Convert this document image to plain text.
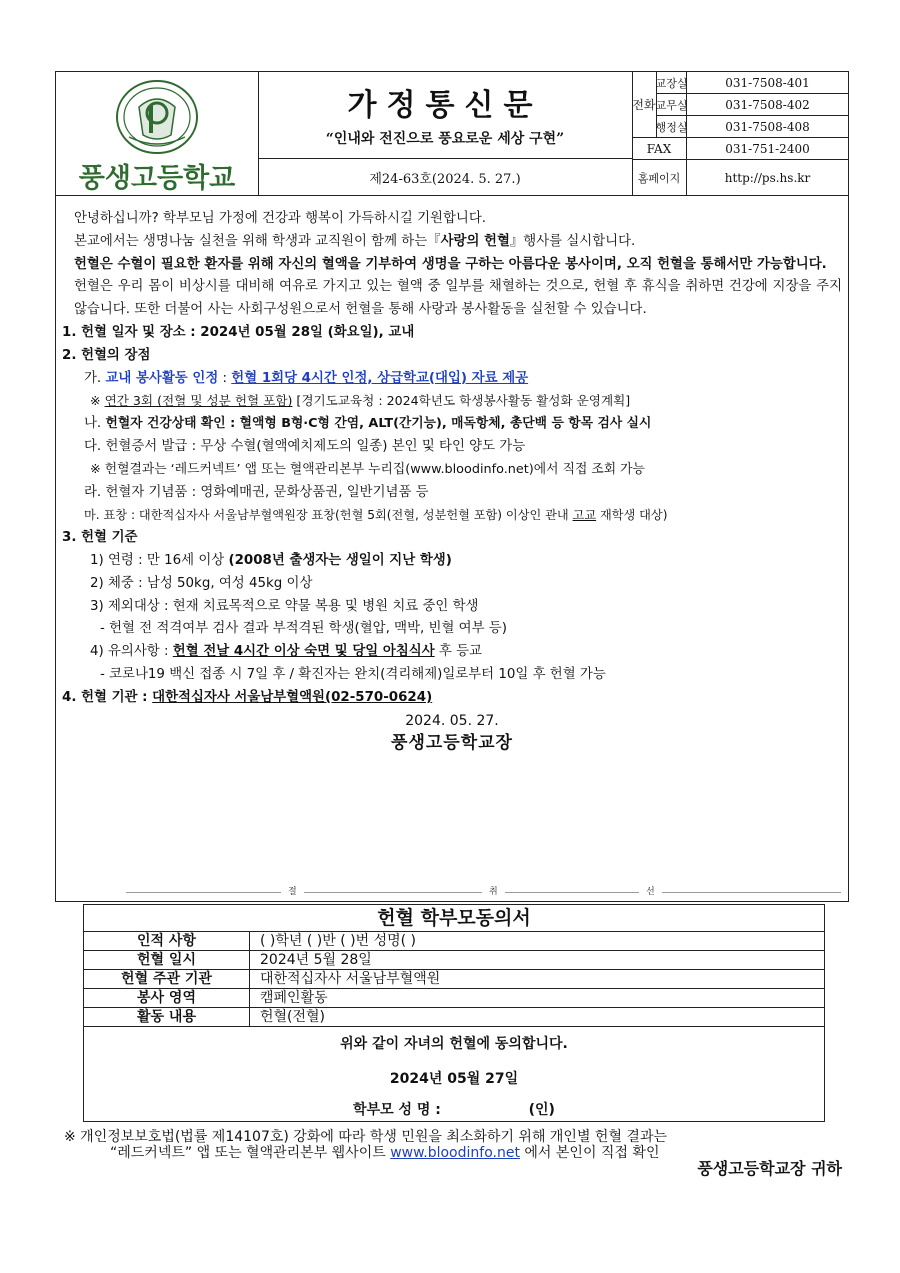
풍생고등학교
가정통신문
“인내와 전진으로 풍요로운 세상 구현”
제24-63호(2024. 5. 27.)
전화
교장실	031-7508-401
교무실	031-7508-402
행정실	031-7508-408
FAX	031-751-2400
홈페이지	http://ps.hs.kr

안녕하십니까? 학부모님 가정에 건강과 행복이 가득하시길 기원합니다.

본교에서는 생명나눔 실천을 위해 학생과 교직원이 함께 하는『사랑의 헌혈』행사를 실시합니다.

헌혈은 수혈이 필요한 환자를 위해 자신의 혈액을 기부하여 생명을 구하는 아름다운 봉사이며, 오직 헌혈을 통해서만 가능합니다.

헌혈은 우리 몸이 비상시를 대비해 여유로 가지고 있는 혈액 중 일부를 채혈하는 것으로, 헌혈 후 휴식을 취하면 건강에 지장을 주지 않습니다. 또한 더불어 사는 사회구성원으로서 헌혈을 통해 사랑과 봉사활동을 실천할 수 있습니다.

1. 헌혈 일자 및 장소 : 2024년 05월 28일 (화요일), 교내

2. 헌혈의 장점

가. 교내 봉사활동 인정 : 헌혈 1회당 4시간 인정, 상급학교(대입) 자료 제공

※ 연간 3회 (전혈 및 성분 헌혈 포함) [경기도교육청 : 2024학년도 학생봉사활동 활성화 운영계획]

나. 헌혈자 건강상태 확인 : 혈액형 B형·C형 간염, ALT(간기능), 매독항체, 총단백 등 항목 검사 실시

다. 헌혈증서 발급 : 무상 수혈(혈액예치제도의 일종) 본인 및 타인 양도 가능

※ 헌혈결과는 ‘레드커넥트’ 앱 또는 혈액관리본부 누리집(www.bloodinfo.net)에서 직접 조회 가능

라. 헌혈자 기념품 : 영화예매권, 문화상품권, 일반기념품 등

마. 표창 : 대한적십자사 서울남부혈액원장 표창(헌혈 5회(전혈, 성분헌혈 포함) 이상인 관내 고교 재학생 대상)

3. 헌혈 기준

1) 연령 : 만 16세 이상 (2008년 출생자는 생일이 지난 학생)

2) 체중 : 남성 50kg, 여성 45kg 이상

3) 제외대상 : 현재 치료목적으로 약물 복용 및 병원 치료 중인 학생

- 헌혈 전 적격여부 검사 결과 부적격된 학생(혈압, 맥박, 빈혈 여부 등)

4) 유의사항 : 헌혈 전날 4시간 이상 숙면 및 당일 아침식사 후 등교

- 코로나19 백신 접종 시 7일 후 / 확진자는 완치(격리해제)일로부터 10일 후 헌혈 가능

4. 헌혈 기관 : 대한적십자사 서울남부혈액원(02-570-0624)

2024. 05. 27.

풍생고등학교장

절	취	선
헌혈 학부모동의서
인적 사항	( )학년 ( )반 ( )번 성명( )
헌혈 일시	2024년 5월 28일
헌혈 주관 기관	대한적십자사 서울남부혈액원
봉사 영역	캠페인활동
활동 내용	헌혈(전혈)
위와 같이 자녀의 헌혈에 동의합니다.
2024년 05월 27일
학부모 성 명 :                  (인)
※ 개인정보보호법(법률 제14107호) 강화에 따라 학생 민원을 최소화하기 위해 개인별 헌혈 결과는
“레드커넥트” 앱 또는 혈액관리본부 웹사이트 www.bloodinfo.net 에서 본인이 직접 확인
풍생고등학교장 귀하
